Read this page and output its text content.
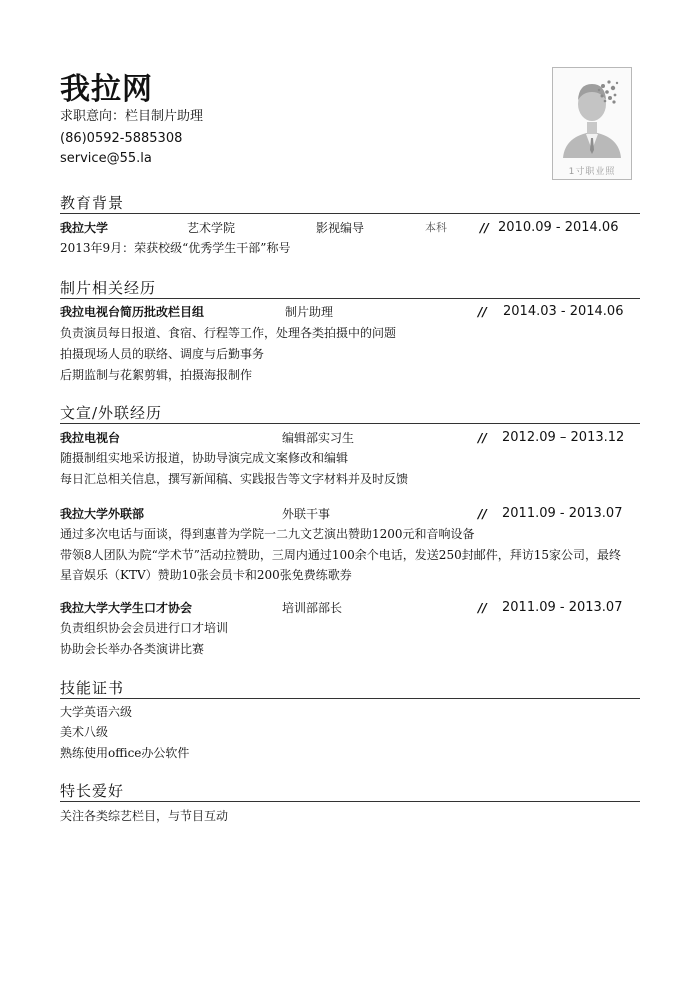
我拉网
求职意向：栏目制片助理
(86)0592-5885308
service@55.la
1寸职业照
教育背景
我拉大学	艺术学院	影视编导	本科	// 2010.09 - 2014.06
2013年9月：荣获校级“优秀学生干部”称号
制片相关经历
我拉电视台简历批改栏目组	制片助理	// 2014.03 - 2014.06
负责演员每日报道、食宿、行程等工作，处理各类拍摄中的问题
拍摄现场人员的联络、调度与后勤事务
后期监制与花絮剪辑，拍摄海报制作
文宣/外联经历
我拉电视台	编辑部实习生	// 2012.09 – 2013.12
随摄制组实地采访报道，协助导演完成文案修改和编辑
每日汇总相关信息，撰写新闻稿、实践报告等文字材料并及时反馈
我拉大学外联部	外联干事	// 2011.09 - 2013.07
通过多次电话与面谈，得到惠普为学院一二九文艺演出赞助1200元和音响设备
带领8人团队为院“学术节”活动拉赞助，三周内通过100余个电话，发送250封邮件，拜访15家公司，最终
星音娱乐（KTV）赞助10张会员卡和200张免费练歌券
我拉大学大学生口才协会	培训部部长	// 2011.09 - 2013.07
负责组织协会会员进行口才培训
协助会长举办各类演讲比赛
技能证书
大学英语六级
美术八级
熟练使用office办公软件
特长爱好
关注各类综艺栏目，与节目互动
